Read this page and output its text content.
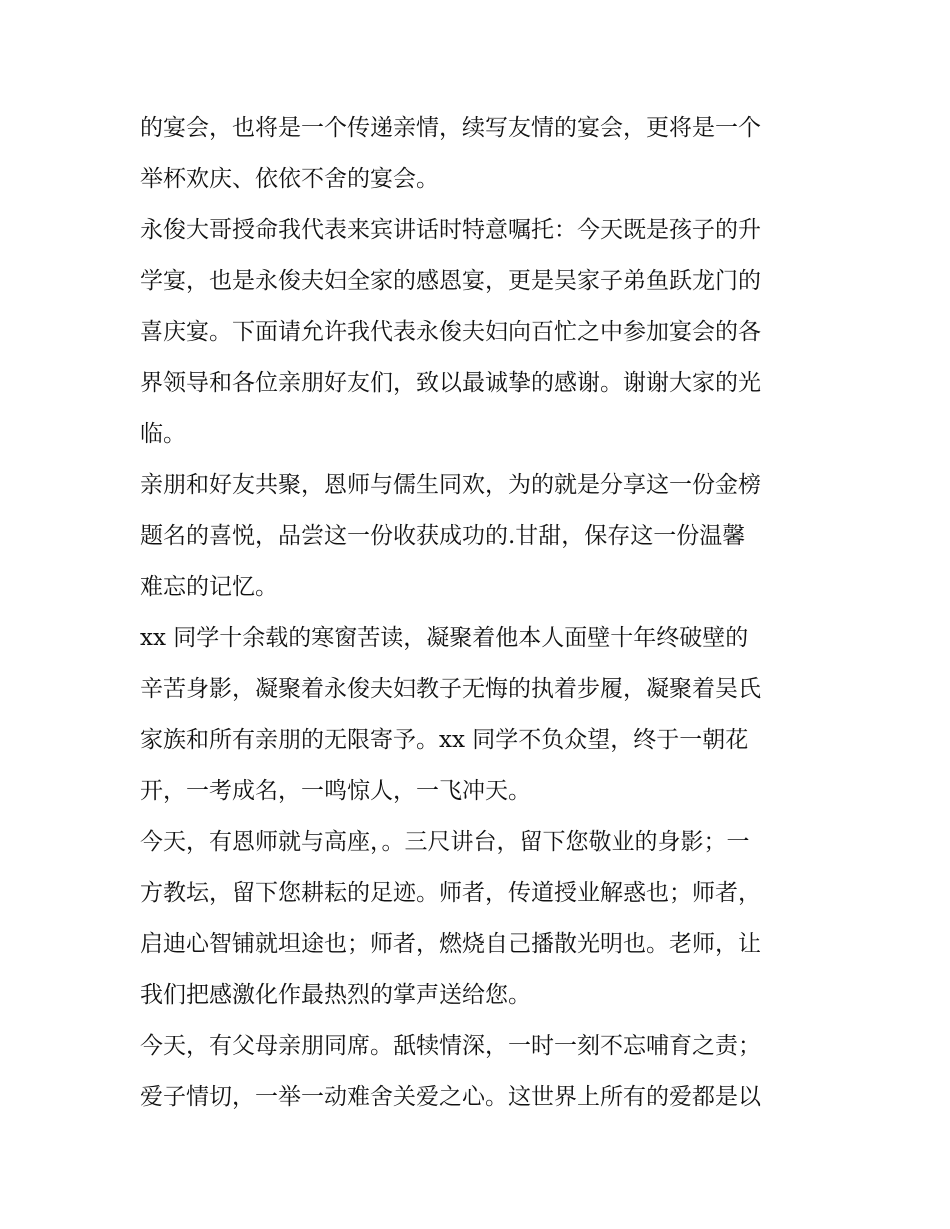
的宴会，也将是一个传递亲情，续写友情的宴会，更将是一个
举杯欢庆、依依不舍的宴会。
永俊大哥授命我代表来宾讲话时特意嘱托：今天既是孩子的升
学宴，也是永俊夫妇全家的感恩宴，更是吴家子弟鱼跃龙门的
喜庆宴。下面请允许我代表永俊夫妇向百忙之中参加宴会的各
界领导和各位亲朋好友们，致以最诚挚的感谢。谢谢大家的光
临。
亲朋和好友共聚，恩师与儒生同欢，为的就是分享这一份金榜
题名的喜悦，品尝这一份收获成功的.甘甜，保存这一份温馨
难忘的记忆。
xx 同学十余载的寒窗苦读，凝聚着他本人面壁十年终破壁的
辛苦身影，凝聚着永俊夫妇教子无悔的执着步履，凝聚着吴氏
家族和所有亲朋的无限寄予。xx 同学不负众望，终于一朝花
开，一考成名，一鸣惊人，一飞冲天。
今天，有恩师就与高座，。三尺讲台，留下您敬业的身影；一
方教坛，留下您耕耘的足迹。师者，传道授业解惑也；师者，
启迪心智铺就坦途也；师者，燃烧自己播散光明也。老师，让
我们把感激化作最热烈的掌声送给您。
今天，有父母亲朋同席。舐犊情深，一时一刻不忘哺育之责；
爱子情切，一举一动难舍关爱之心。这世界上所有的爱都是以
